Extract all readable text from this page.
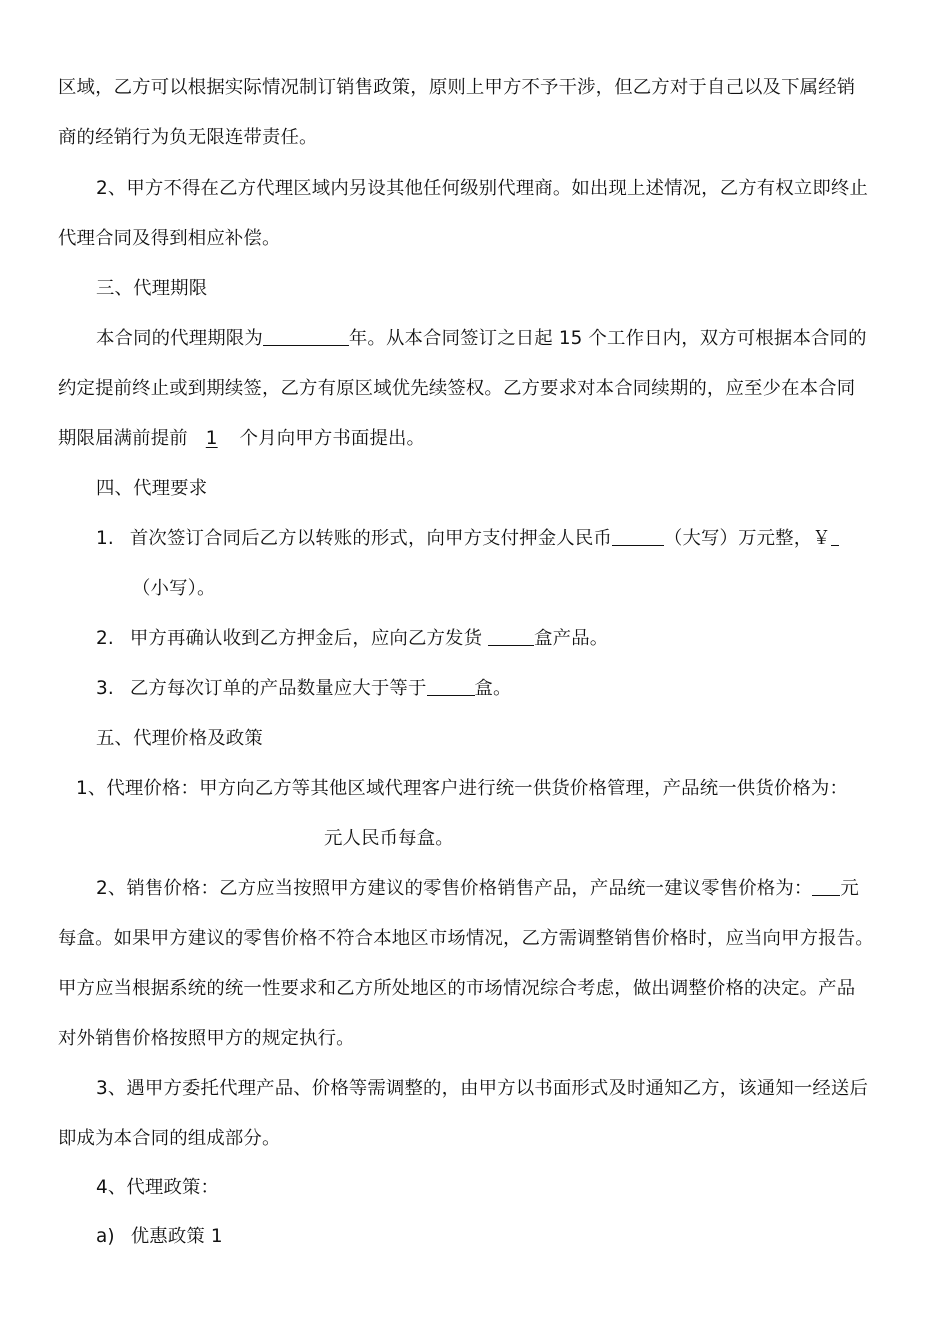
区域，乙方可以根据实际情况制订销售政策，原则上甲方不予干涉，但乙方对于自己以及下属经销

商的经销行为负无限连带责任。

2、甲方不得在乙方代理区域内另设其他任何级别代理商。如出现上述情况，乙方有权立即终止

代理合同及得到相应补偿。

三、代理期限

本合同的代理期限为	年。从本合同签订之日起 15 个工作日内，双方可根据本合同的

约定提前终止或到期续签，乙方有原区域优先续签权。乙方要求对本合同续期的，应至少在本合同

期限届满前提前 1 个月向甲方书面提出。

四、代理要求

1. 首次签订合同后乙方以转账的形式，向甲方支付押金人民币	（大写）万元整，￥

（小写）。

2. 甲方再确认收到乙方押金后，应向乙方发货	盒产品。

3. 乙方每次订单的产品数量应大于等于	盒。

五、代理价格及政策

1、代理价格：甲方向乙方等其他区域代理客户进行统一供货价格管理，产品统一供货价格为：

元人民币每盒。

2、销售价格：乙方应当按照甲方建议的零售价格销售产品，产品统一建议零售价格为： 元

每盒。如果甲方建议的零售价格不符合本地区市场情况，乙方需调整销售价格时，应当向甲方报告。

甲方应当根据系统的统一性要求和乙方所处地区的市场情况综合考虑，做出调整价格的决定。产品

对外销售价格按照甲方的规定执行。

3、遇甲方委托代理产品、价格等需调整的，由甲方以书面形式及时通知乙方，该通知一经送后

即成为本合同的组成部分。

4、代理政策：

a) 优惠政策 1
